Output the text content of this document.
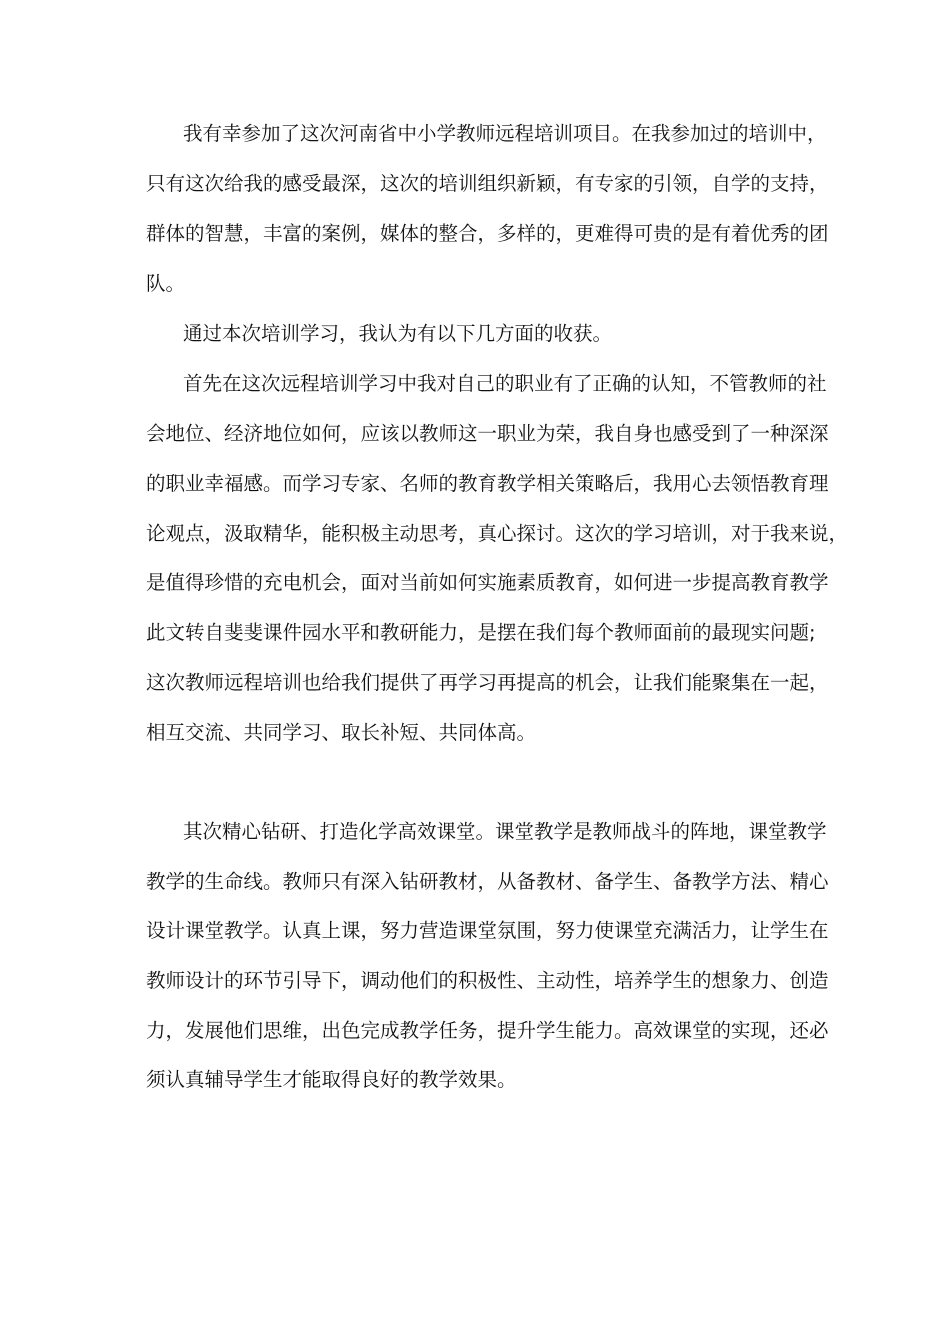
我有幸参加了这次河南省中小学教师远程培训项目。在我参加过的培训中，
只有这次给我的感受最深，这次的培训组织新颖，有专家的引领，自学的支持，
群体的智慧，丰富的案例，媒体的整合，多样的，更难得可贵的是有着优秀的团
队。
通过本次培训学习，我认为有以下几方面的收获。
首先在这次远程培训学习中我对自己的职业有了正确的认知，不管教师的社
会地位、经济地位如何，应该以教师这一职业为荣，我自身也感受到了一种深深
的职业幸福感。而学习专家、名师的教育教学相关策略后，我用心去领悟教育理
论观点，汲取精华，能积极主动思考，真心探讨。这次的学习培训，对于我来说，
是值得珍惜的充电机会，面对当前如何实施素质教育，如何进一步提高教育教学
此文转自斐斐课件园水平和教研能力，是摆在我们每个教师面前的最现实问题;
这次教师远程培训也给我们提供了再学习再提高的机会，让我们能聚集在一起，
相互交流、共同学习、取长补短、共同体高。
其次精心钻研、打造化学高效课堂。课堂教学是教师战斗的阵地，课堂教学
教学的生命线。教师只有深入钻研教材，从备教材、备学生、备教学方法、精心
设计课堂教学。认真上课，努力营造课堂氛围，努力使课堂充满活力，让学生在
教师设计的环节引导下，调动他们的积极性、主动性，培养学生的想象力、创造
力，发展他们思维，出色完成教学任务，提升学生能力。高效课堂的实现，还必
须认真辅导学生才能取得良好的教学效果。
